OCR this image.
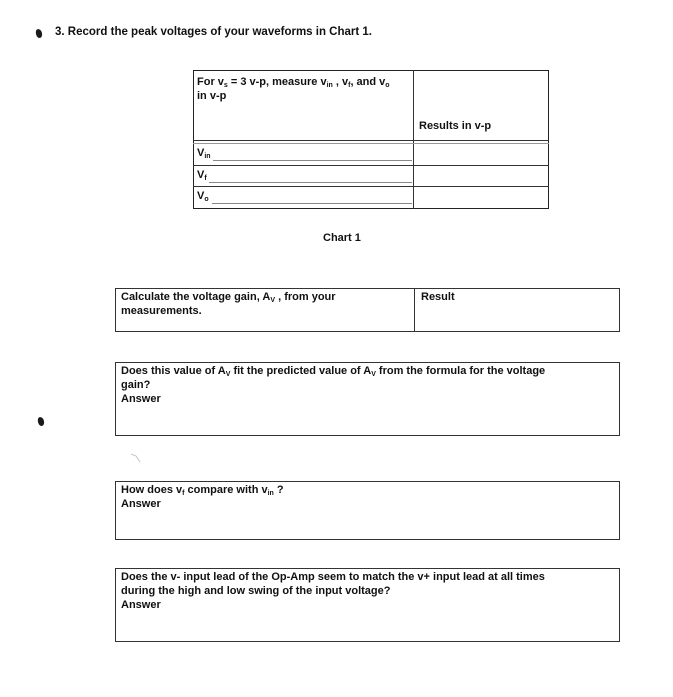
3. Record the peak voltages of your waveforms in Chart 1.
For $v_s = 3$ v-p, measure $v_{in}$ , $v_f$, and $v_o$
in v-p
Results in v-p
$V_{in}$
$V_f$
$V_o$
Chart 1
Calculate the voltage gain, $A_V$ , from your
measurements.
Result
Does this value of $A_V$ fit the predicted value of $A_V$ from the formula for the voltage
gain?
Answer
How does $v_f$ compare with $v_{in}$ ?
Answer
Does the v- input lead of the Op-Amp seem to match the v+ input lead at all times
during the high and low swing of the input voltage?
Answer
